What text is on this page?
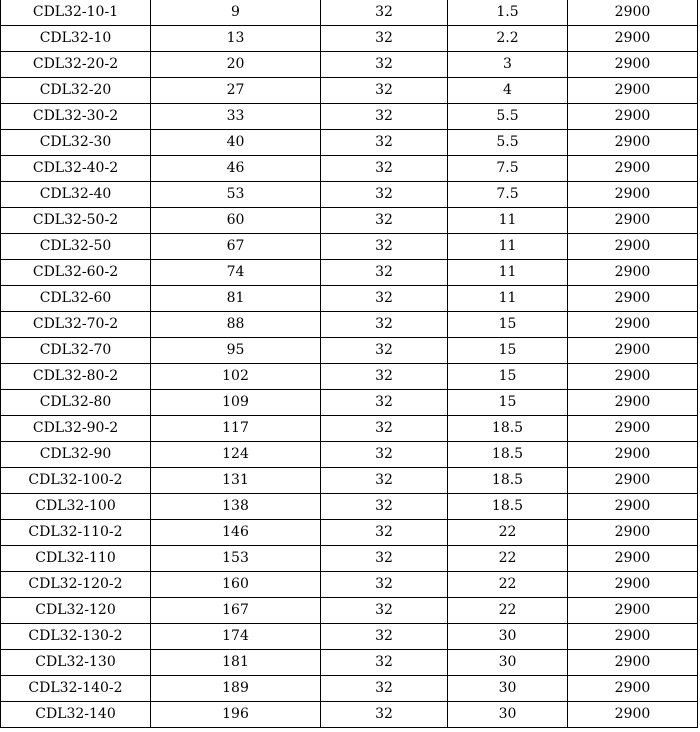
CDL32-10-1	9	32	1.5	2900
CDL32-10	13	32	2.2	2900
CDL32-20-2	20	32	3	2900
CDL32-20	27	32	4	2900
CDL32-30-2	33	32	5.5	2900
CDL32-30	40	32	5.5	2900
CDL32-40-2	46	32	7.5	2900
CDL32-40	53	32	7.5	2900
CDL32-50-2	60	32	11	2900
CDL32-50	67	32	11	2900
CDL32-60-2	74	32	11	2900
CDL32-60	81	32	11	2900
CDL32-70-2	88	32	15	2900
CDL32-70	95	32	15	2900
CDL32-80-2	102	32	15	2900
CDL32-80	109	32	15	2900
CDL32-90-2	117	32	18.5	2900
CDL32-90	124	32	18.5	2900
CDL32-100-2	131	32	18.5	2900
CDL32-100	138	32	18.5	2900
CDL32-110-2	146	32	22	2900
CDL32-110	153	32	22	2900
CDL32-120-2	160	32	22	2900
CDL32-120	167	32	22	2900
CDL32-130-2	174	32	30	2900
CDL32-130	181	32	30	2900
CDL32-140-2	189	32	30	2900
CDL32-140	196	32	30	2900
